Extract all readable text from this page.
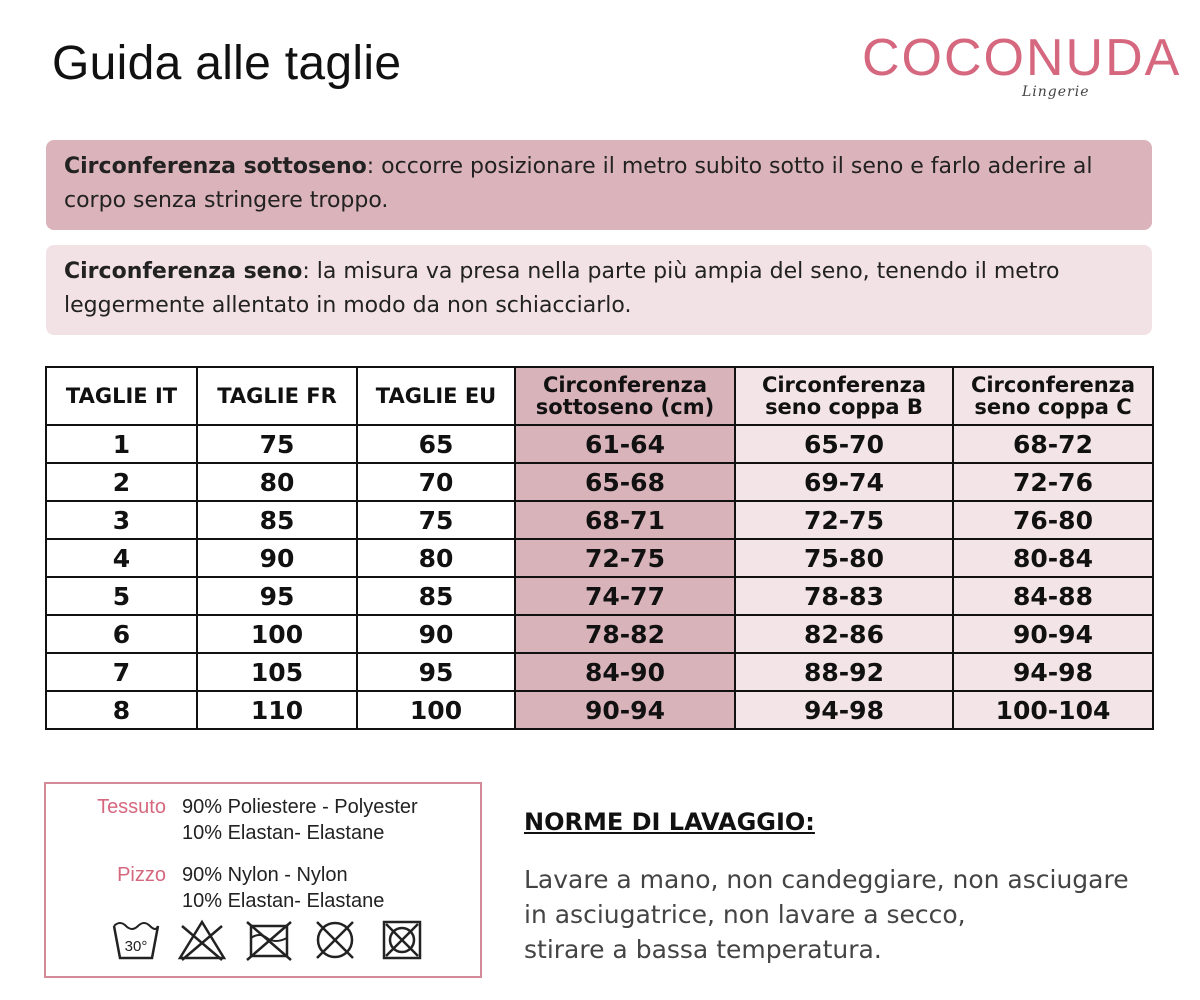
Guida alle taglie	COCONUDA
Lingerie
Circonferenza sottoseno: occorre posizionare il metro subito sotto il seno e farlo aderire al corpo senza stringere troppo.
Circonferenza seno: la misura va presa nella parte più ampia del seno, tenendo il metro leggermente allentato in modo da non schiacciarlo.
TAGLIE IT	TAGLIE FR	TAGLIE EU	Circonferenza sottoseno (cm)	Circonferenza seno coppa B	Circonferenza seno coppa C
1	75	65	61-64	65-70	68-72
2	80	70	65-68	69-74	72-76
3	85	75	68-71	72-75	76-80
4	90	80	72-75	75-80	80-84
5	95	85	74-77	78-83	84-88
6	100	90	78-82	82-86	90-94
7	105	95	84-90	88-92	94-98
8	110	100	90-94	94-98	100-104
Tessuto 90% Poliestere - Polyester
10% Elastan- Elastane
Pizzo 90% Nylon - Nylon
10% Elastan- Elastane
30°

NORME DI LAVAGGIO:
Lavare a mano, non candeggiare, non asciugare
in asciugatrice, non lavare a secco,
stirare a bassa temperatura.
